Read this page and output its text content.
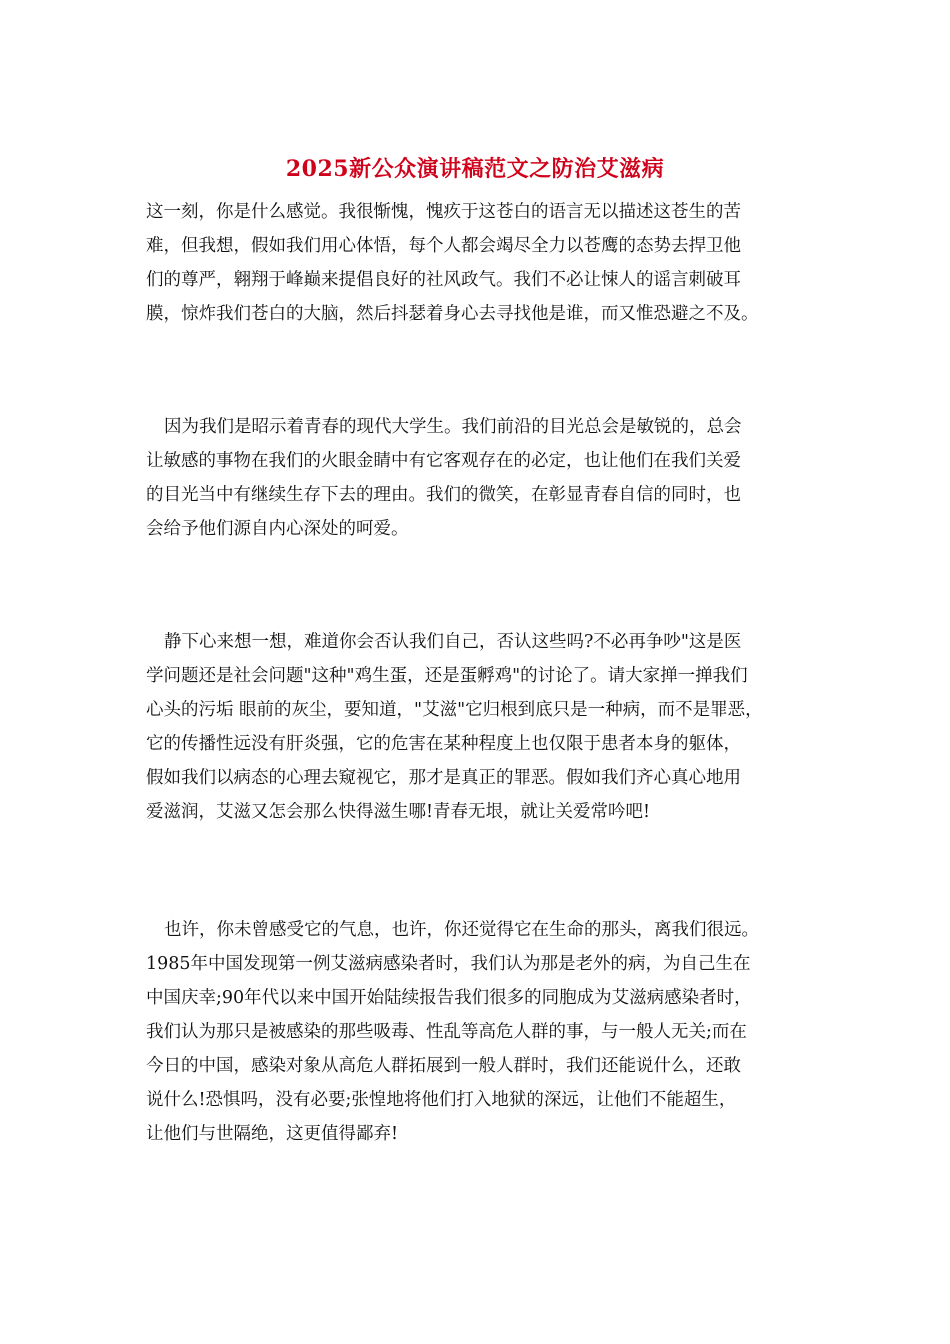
2025新公众演讲稿范文之防治艾滋病
这一刻，你是什么感觉。我很惭愧，愧疚于这苍白的语言无以描述这苍生的苦
难，但我想，假如我们用心体悟，每个人都会竭尽全力以苍鹰的态势去捍卫他
们的尊严，翱翔于峰巅来提倡良好的社风政气。我们不必让悚人的谣言刺破耳
膜，惊炸我们苍白的大脑，然后抖瑟着身心去寻找他是谁，而又惟恐避之不及。
因为我们是昭示着青春的现代大学生。我们前沿的目光总会是敏锐的，总会
让敏感的事物在我们的火眼金睛中有它客观存在的必定，也让他们在我们关爱
的目光当中有继续生存下去的理由。我们的微笑，在彰显青春自信的同时，也
会给予他们源自内心深处的呵爱。
静下心来想一想，难道你会否认我们自己，否认这些吗?不必再争吵"这是医
学问题还是社会问题"这种"鸡生蛋，还是蛋孵鸡"的讨论了。请大家掸一掸我们
心头的污垢 眼前的灰尘，要知道，"艾滋"它归根到底只是一种病，而不是罪恶，
它的传播性远没有肝炎强，它的危害在某种程度上也仅限于患者本身的躯体，
假如我们以病态的心理去窥视它，那才是真正的罪恶。假如我们齐心真心地用
爱滋润，艾滋又怎会那么快得滋生哪!青春无垠，就让关爱常吟吧!
也许，你未曾感受它的气息，也许，你还觉得它在生命的那头，离我们很远。
1985年中国发现第一例艾滋病感染者时，我们认为那是老外的病，为自己生在
中国庆幸;90年代以来中国开始陆续报告我们很多的同胞成为艾滋病感染者时，
我们认为那只是被感染的那些吸毒、性乱等高危人群的事，与一般人无关;而在
今日的中国，感染对象从高危人群拓展到一般人群时，我们还能说什么，还敢
说什么!恐惧吗，没有必要;张惶地将他们打入地狱的深远，让他们不能超生，
让他们与世隔绝，这更值得鄙弃!
